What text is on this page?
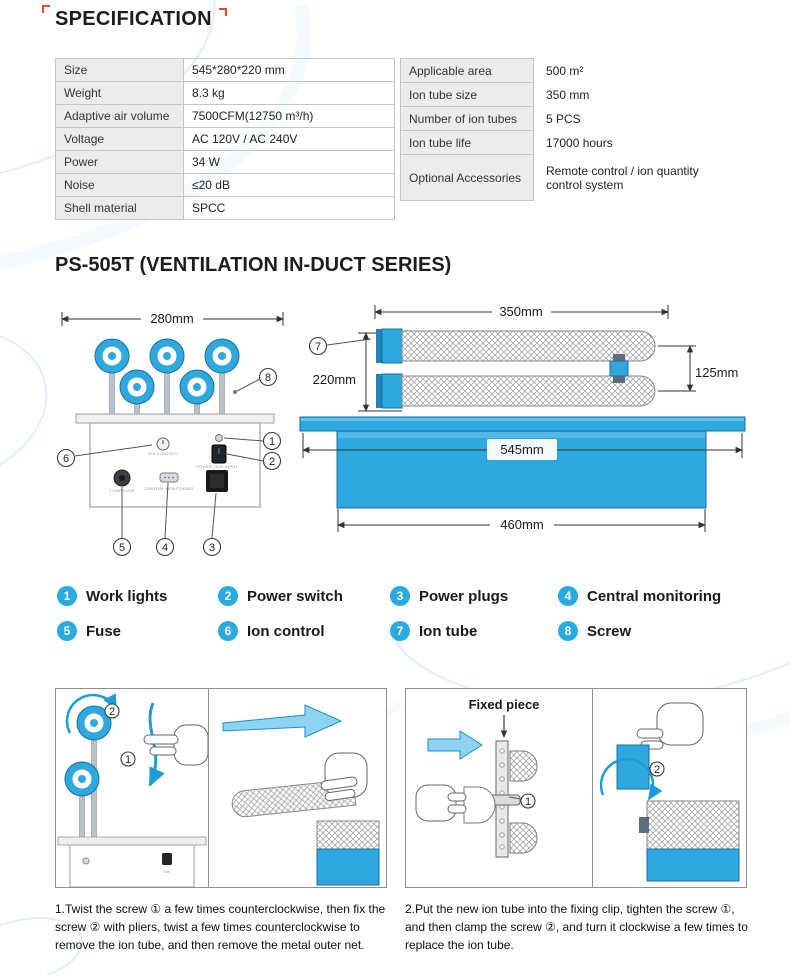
SPECIFICATION
Size	545*280*220 mm
Weight	8.3 kg
Adaptive air volume	7500CFM(12750 m³/h)
Voltage	AC 120V / AC 240V
Power	34 W
Noise	≤20 dB
Shell material	SPCC
Applicable area	500 m²
Ion tube size	350 mm
Number of ion tubes	5 PCS
Ion tube life	17000 hours
Optional Accessories	Remote control / ion quantity control system
PS-505T (VENTILATION IN-DUCT SERIES)
280mm
8
ION CONTROL
1 AMP FUSE CENTRAL MONITORING
POWER 220V INPUT
1
2
6
5	4	3
350mm
7
220mm	125mm
545mm
460mm
1	Work lights	2	Power switch	3	Power plugs	4	Central monitoring
5	Fuse	6	Ion control	7	Ion tube	8	Screw
2
1
ON
Fixed piece
1
2

1.Twist the screw ① a few times counterclockwise, then fix the screw ② with pliers, twist a few times counterclockwise to remove the ion tube, and then remove the metal outer net.

2.Put the new ion tube into the fixing clip, tighten the screw ①, and then clamp the screw ②, and turn it clockwise a few times to replace the ion tube.
